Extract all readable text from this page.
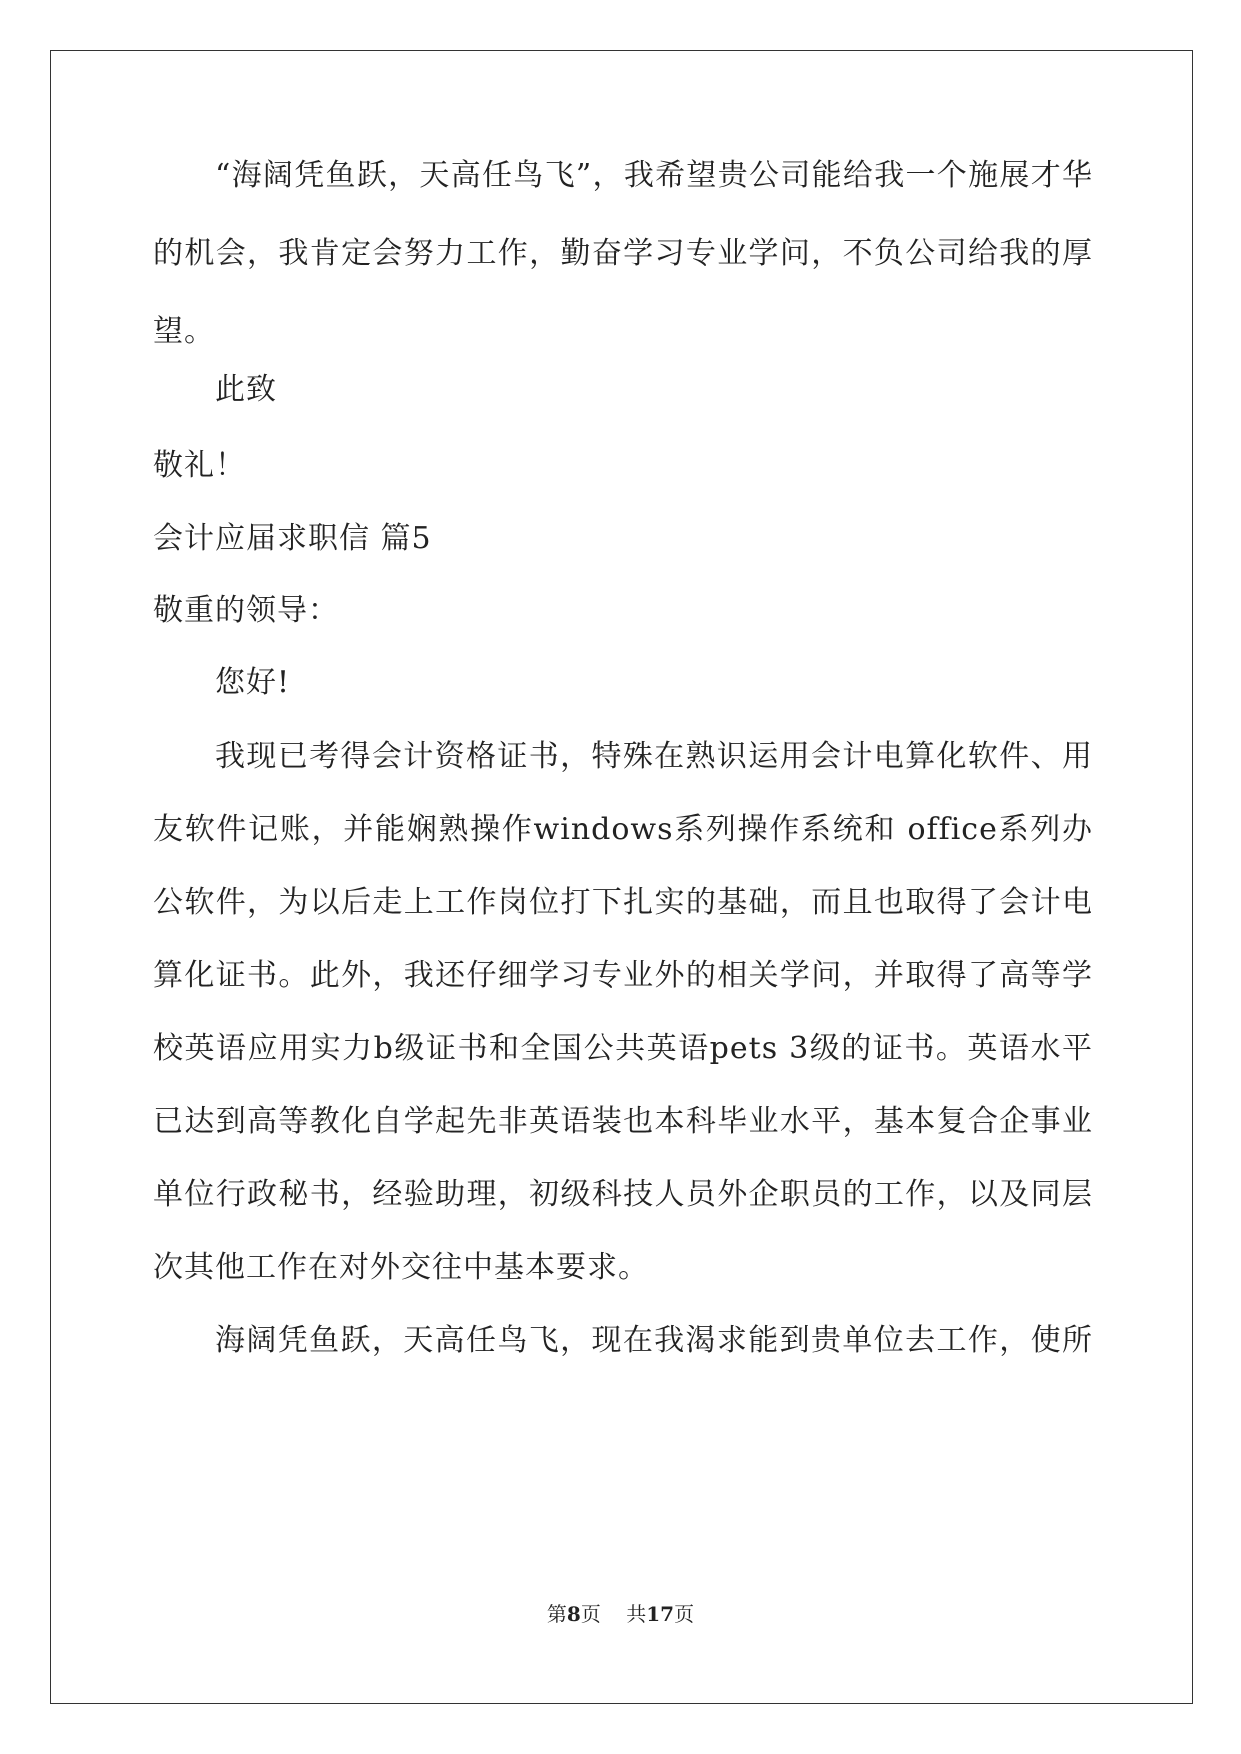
“海阔凭鱼跃，天高任鸟飞”，我希望贵公司能给我一个施展才华
的机会，我肯定会努力工作，勤奋学习专业学问，不负公司给我的厚
望。
此致
敬礼！
会计应届求职信 篇5
敬重的领导：
您好!
我现已考得会计资格证书，特殊在熟识运用会计电算化软件、用
友软件记账，并能娴熟操作windows系列操作系统和 office系列办
公软件，为以后走上工作岗位打下扎实的基础，而且也取得了会计电
算化证书。此外，我还仔细学习专业外的相关学问，并取得了高等学
校英语应用实力b级证书和全国公共英语pets 3级的证书。英语水平
已达到高等教化自学起先非英语装也本科毕业水平，基本复合企事业
单位行政秘书，经验助理，初级科技人员外企职员的工作，以及同层
次其他工作在对外交往中基本要求。
海阔凭鱼跃，天高任鸟飞，现在我渴求能到贵单位去工作，使所
第8页 共17页
